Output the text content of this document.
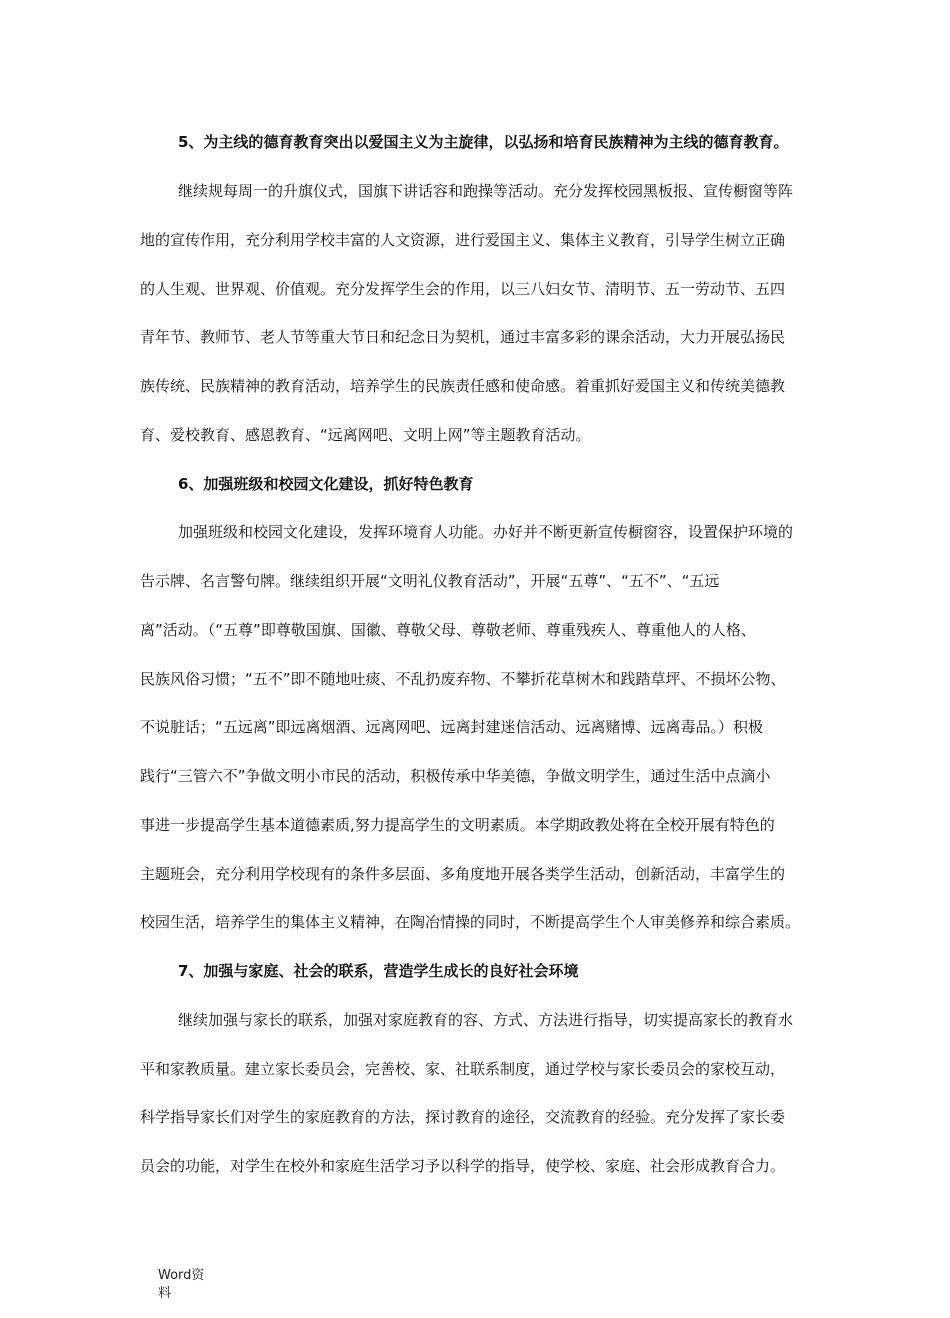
5、为主线的德育教育突出以爱国主义为主旋律，以弘扬和培育民族精神为主线的德育教育。
继续规每周一的升旗仪式，国旗下讲话容和跑操等活动。充分发挥校园黑板报、宣传橱窗等阵
地的宣传作用，充分利用学校丰富的人文资源，进行爱国主义、集体主义教育，引导学生树立正确
的人生观、世界观、价值观。充分发挥学生会的作用，以三八妇女节、清明节、五一劳动节、五四
青年节、教师节、老人节等重大节日和纪念日为契机，通过丰富多彩的课余活动，大力开展弘扬民
族传统、民族精神的教育活动，培养学生的民族责任感和使命感。着重抓好爱国主义和传统美德教
育、爱校教育、感恩教育、“远离网吧、文明上网”等主题教育活动。
6、加强班级和校园文化建设，抓好特色教育
加强班级和校园文化建设，发挥环境育人功能。办好并不断更新宣传橱窗容，设置保护环境的
告示牌、名言警句牌。继续组织开展“文明礼仪教育活动”，开展“五尊”、“五不”、“五远
离”活动。（“五尊”即尊敬国旗、国徽、尊敬父母、尊敬老师、尊重残疾人、尊重他人的人格、
民族风俗习惯；“五不”即不随地吐痰、不乱扔废弃物、不攀折花草树木和践踏草坪、不损坏公物、
不说脏话；“五远离”即远离烟酒、远离网吧、远离封建迷信活动、远离赌博、远离毒品。）积极
践行“三管六不”争做文明小市民的活动，积极传承中华美德，争做文明学生，通过生活中点滴小
事进一步提高学生基本道德素质,努力提高学生的文明素质。本学期政教处将在全校开展有特色的
主题班会，充分利用学校现有的条件多层面、多角度地开展各类学生活动，创新活动，丰富学生的
校园生活，培养学生的集体主义精神，在陶冶情操的同时，不断提高学生个人审美修养和综合素质。
7、加强与家庭、社会的联系，营造学生成长的良好社会环境
继续加强与家长的联系，加强对家庭教育的容、方式、方法进行指导，切实提高家长的教育水
平和家教质量。建立家长委员会，完善校、家、社联系制度，通过学校与家长委员会的家校互动，
科学指导家长们对学生的家庭教育的方法，探讨教育的途径，交流教育的经验。充分发挥了家长委
员会的功能，对学生在校外和家庭生活学习予以科学的指导，使学校、家庭、社会形成教育合力。
Word资
料
